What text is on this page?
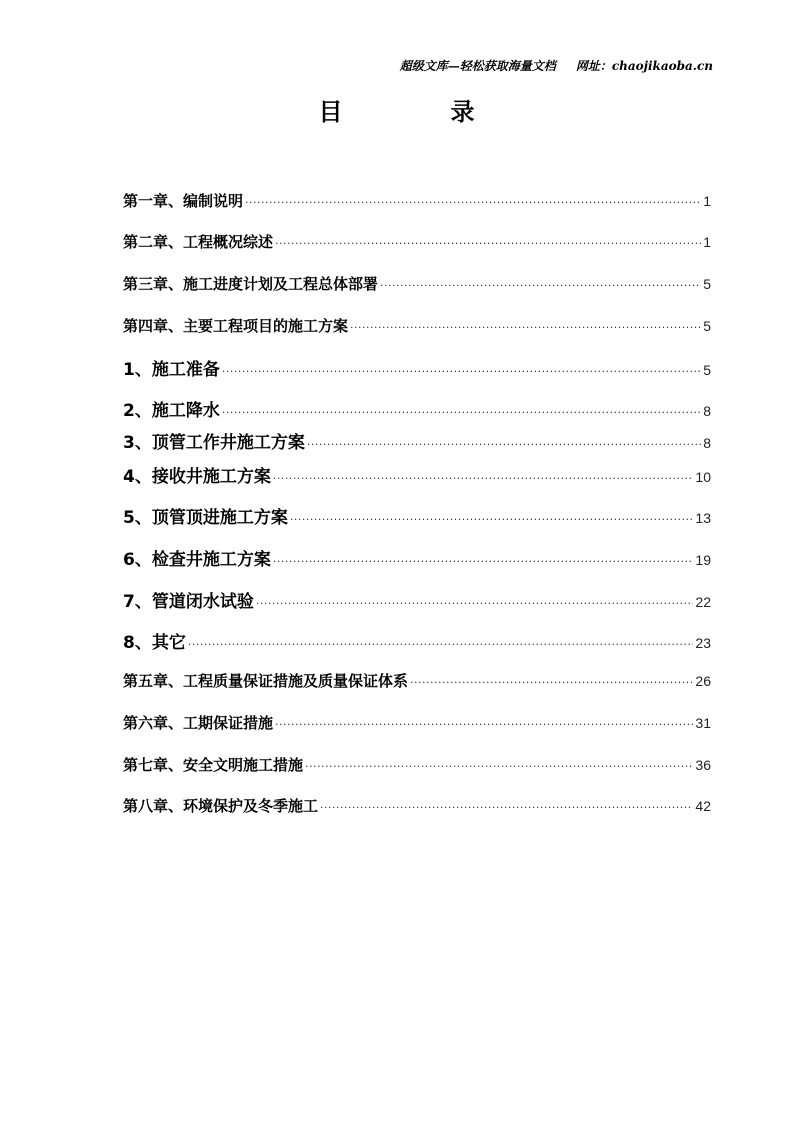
超级文库—轻松获取海量文档 网址：chaojikaoba.cn
目	录
第一章、编制说明 ·····	1
第二章、工程概况综述 ·····	1
第三章、施工进度计划及工程总体部署 ·····	5
第四章、主要工程项目的施工方案 ·····	5
1、施工准备 ·····	5
2、施工降水 ·····	8
3、顶管工作井施工方案 ·····	8
4、接收井施工方案 ·····	10
5、顶管顶进施工方案 ·····	13
6、检查井施工方案 ·····	19
7、管道闭水试验 ·····	22
8、其它 ·····	23
第五章、工程质量保证措施及质量保证体系 ·····	26
第六章、工期保证措施 ·····	31
第七章、安全文明施工措施 ·····	36
第八章、环境保护及冬季施工 ·····	42
